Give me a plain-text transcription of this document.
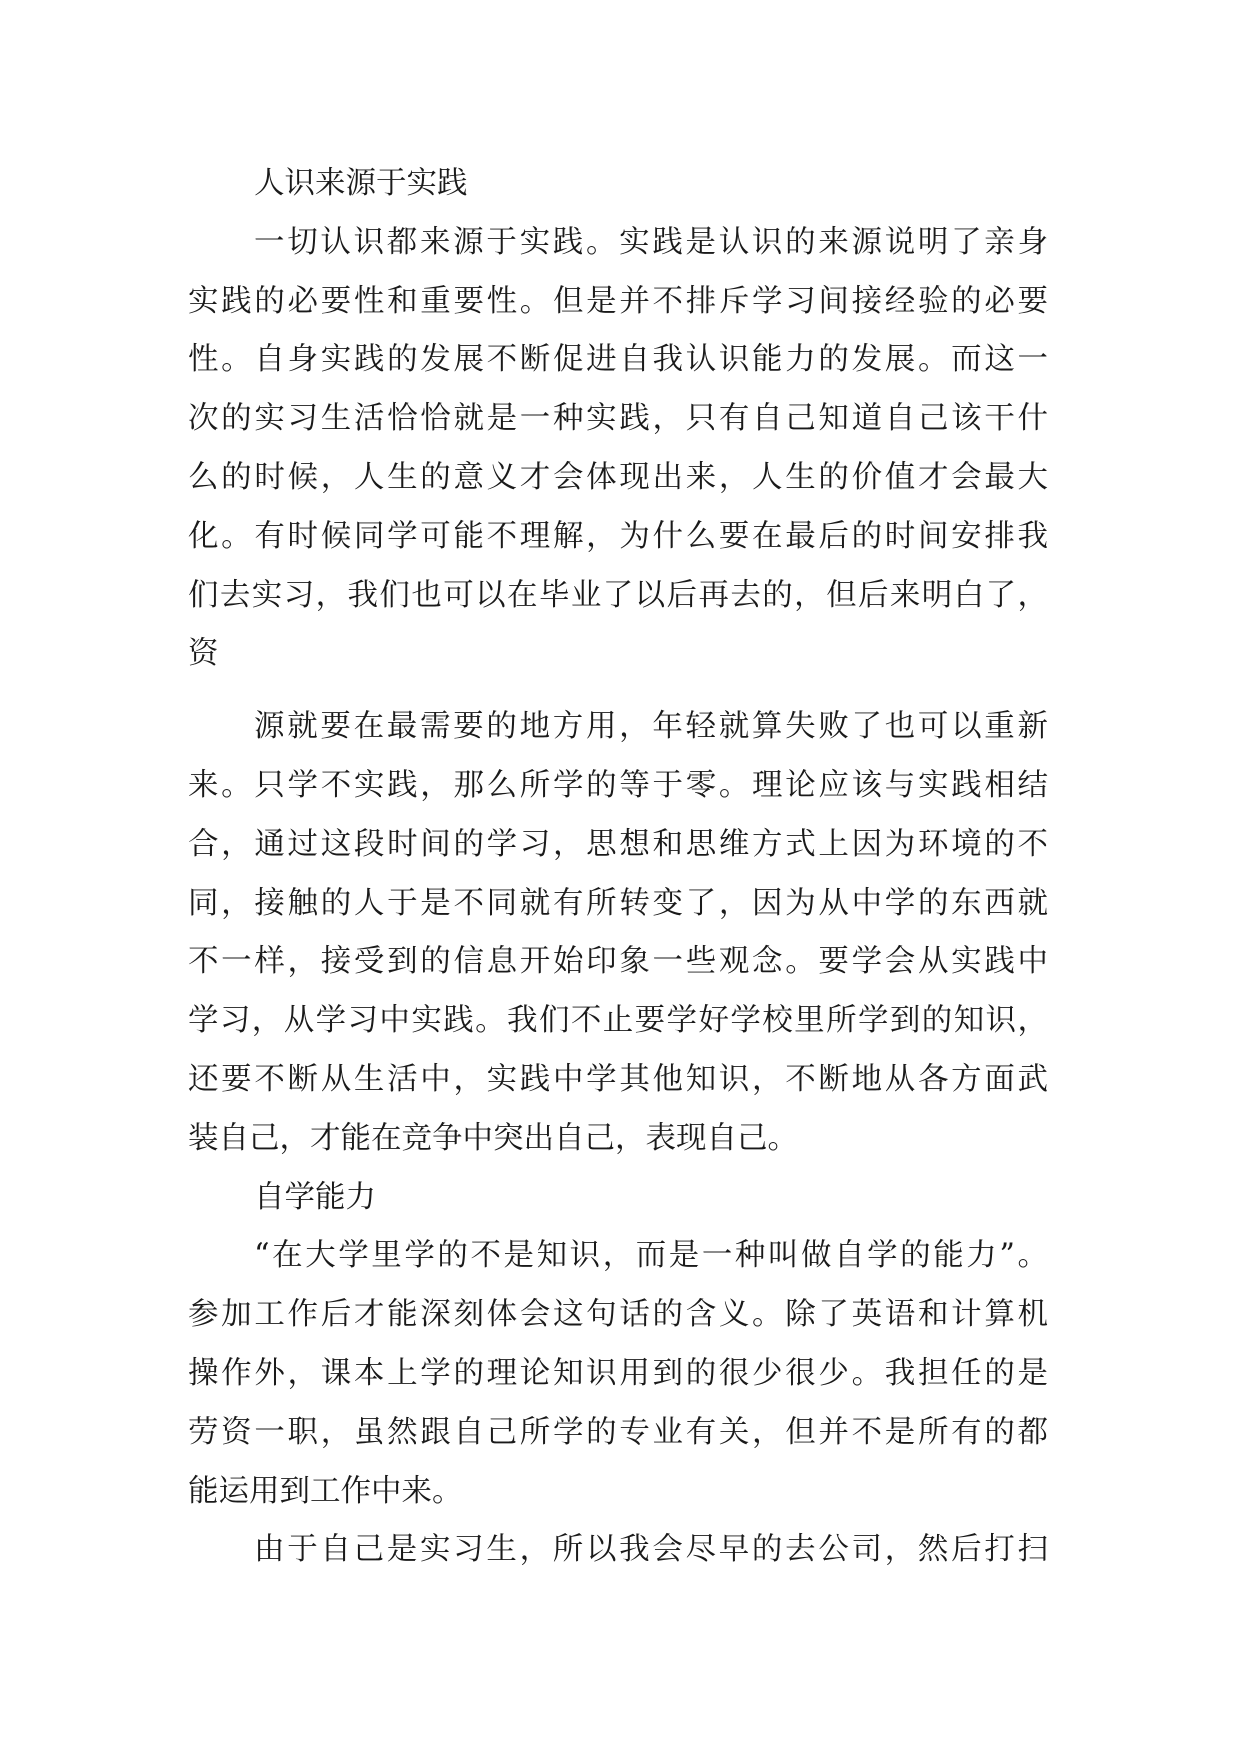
人识来源于实践
一切认识都来源于实践。实践是认识的来源说明了亲身
实践的必要性和重要性。但是并不排斥学习间接经验的必要
性。自身实践的发展不断促进自我认识能力的发展。而这一
次的实习生活恰恰就是一种实践，只有自己知道自己该干什
么的时候，人生的意义才会体现出来，人生的价值才会最大
化。有时候同学可能不理解，为什么要在最后的时间安排我
们去实习，我们也可以在毕业了以后再去的，但后来明白了，
资
源就要在最需要的地方用，年轻就算失败了也可以重新
来。只学不实践，那么所学的等于零。理论应该与实践相结
合，通过这段时间的学习，思想和思维方式上因为环境的不
同，接触的人于是不同就有所转变了，因为从中学的东西就
不一样，接受到的信息开始印象一些观念。要学会从实践中
学习，从学习中实践。我们不止要学好学校里所学到的知识，
还要不断从生活中，实践中学其他知识，不断地从各方面武
装自己，才能在竞争中突出自己，表现自己。
自学能力
“在大学里学的不是知识，而是一种叫做自学的能力”。
参加工作后才能深刻体会这句话的含义。除了英语和计算机
操作外，课本上学的理论知识用到的很少很少。我担任的是
劳资一职，虽然跟自己所学的专业有关，但并不是所有的都
能运用到工作中来。
由于自己是实习生，所以我会尽早的去公司，然后打扫
